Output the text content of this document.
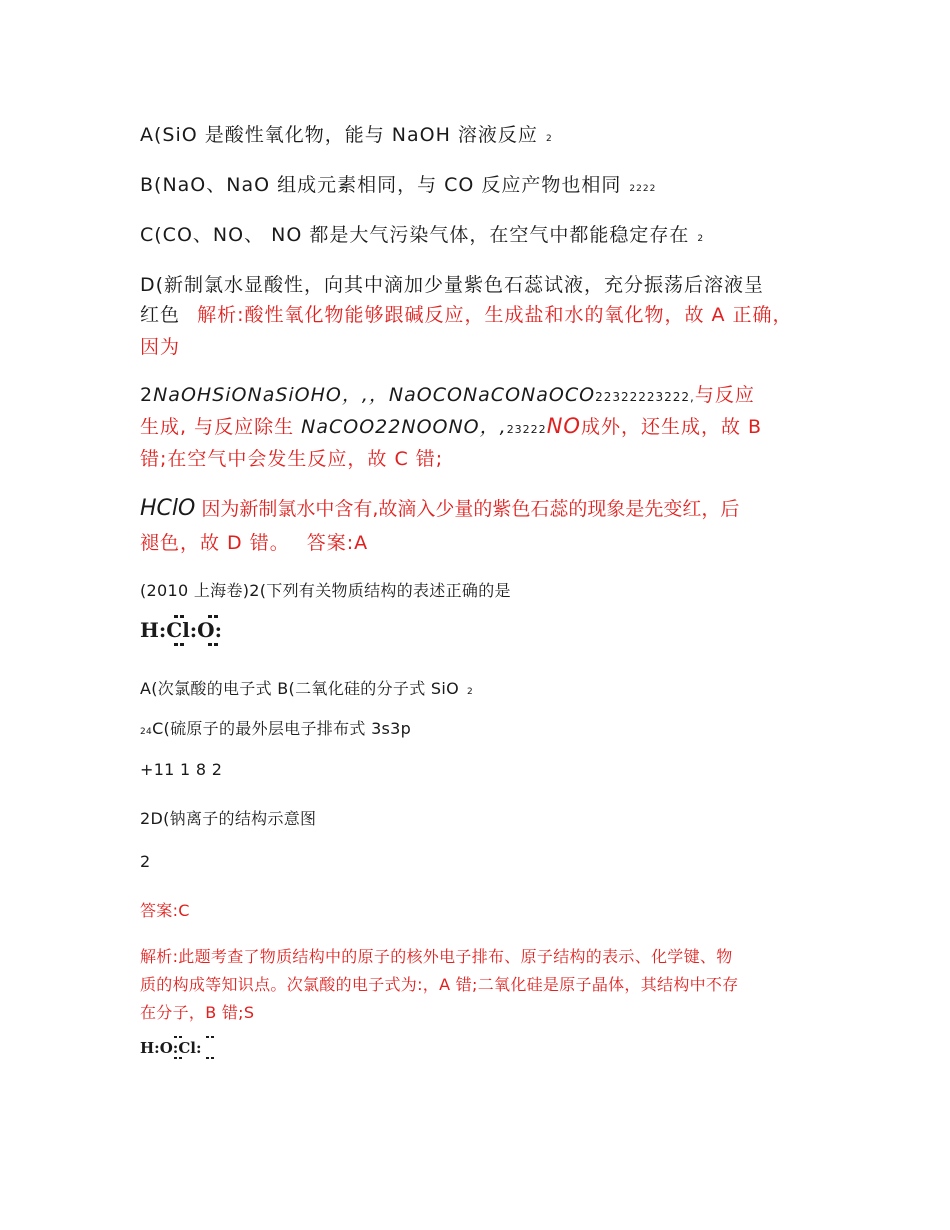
A(SiO 是酸性氧化物，能与 NaOH 溶液反应 2
B(NaO、NaO 组成元素相同，与 CO 反应产物也相同 2222
C(CO、NO、 NO 都是大气污染气体，在空气中都能稳定存在 2
D(新制氯水显酸性，向其中滴加少量紫色石蕊试液，充分振荡后溶液呈
红色 解析:酸性氧化物能够跟碱反应，生成盐和水的氧化物，故 A 正确，
因为
2NaOHSiONaSiOHO，,，NaOCONaCONaOCO22322223222,与反应
生成, 与反应除生 NaCOO22NOONO，,23222NO成外，还生成，故 B
错;在空气中会发生反应，故 C 错;
HClO 因为新制氯水中含有,故滴入少量的紫色石蕊的现象是先变红，后
褪色，故 D 错。 答案:A
(2010 上海卷)2(下列有关物质结构的表述正确的是
H:Cl:O:
A(次氯酸的电子式 B(二氧化硅的分子式 SiO 2
24C(硫原子的最外层电子排布式 3s3p
+11 1 8 2
2D(钠离子的结构示意图
2
答案:C
解析:此题考查了物质结构中的原子的核外电子排布、原子结构的表示、化学键、物
质的构成等知识点。次氯酸的电子式为:，A 错;二氧化硅是原子晶体，其结构中不存
在分子，B 错;S
H:O:Cl:
